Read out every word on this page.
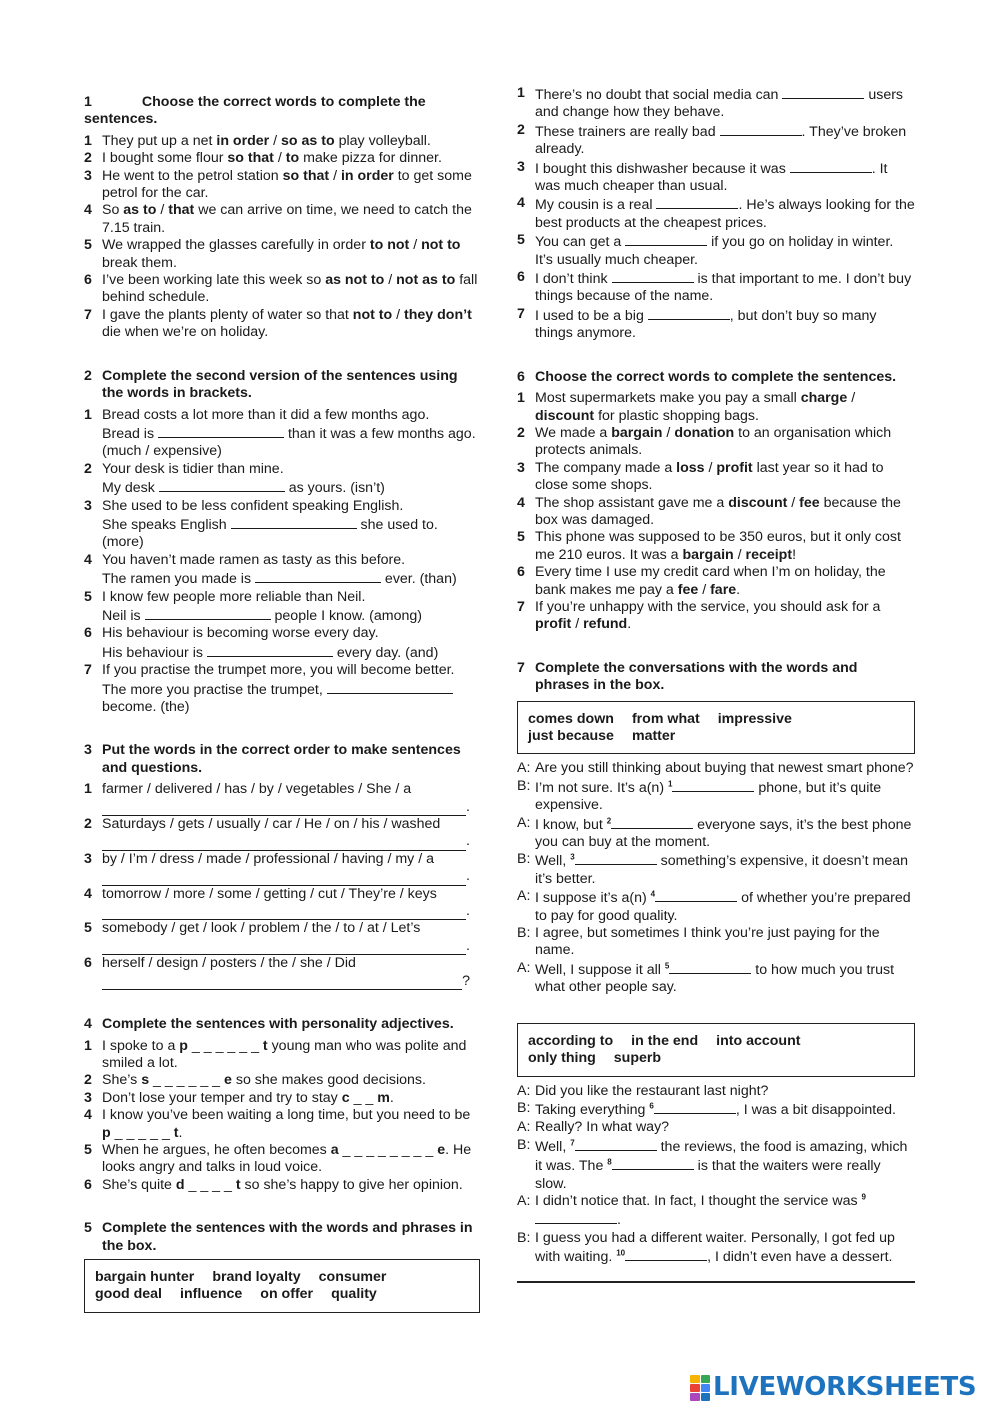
1	Choose the correct words to complete the sentences.
1 They put up a net in order / so as to play volleyball.
2 I bought some flour so that / to make pizza for dinner.
3 He went to the petrol station so that / in order to get some petrol for the car.
4 So as to / that we can arrive on time, we need to catch the 7.15 train.
5 We wrapped the glasses carefully in order to not / not to break them.
6 I’ve been working late this week so as not to / not as to fall behind schedule.
7 I gave the plants plenty of water so that not to / they don’t die when we’re on holiday.
2 Complete the second version of the sentences using the words in brackets.
1 Bread costs a lot more than it did a few months ago.
Bread is	than it was a few months ago. (much / expensive)
2 Your desk is tidier than mine.
My desk	as yours. (isn’t)
3 She used to be less confident speaking English.
She speaks English	she used to. (more)
4 You haven’t made ramen as tasty as this before.
The ramen you made is	ever. (than)
5 I know few people more reliable than Neil.
Neil is	people I know. (among)
6 His behaviour is becoming worse every day.
His behaviour is	every day. (and)
7 If you practise the trumpet more, you will become better.
The more you practise the trumpet,  become. (the)
3 Put the words in the correct order to make sentences and questions.
1 farmer / delivered / has / by / vegetables / She / a
.
2 Saturdays / gets / usually / car / He / on / his / washed
.
3 by / I’m / dress / made / professional / having / my / a
.
4 tomorrow / more / some / getting / cut / They’re / keys
.
5 somebody / get / look / problem / the / to / at / Let’s
.
6 herself / design / posters / the / she / Did
?
4 Complete the sentences with personality adjectives.
1 I spoke to a p _ _ _ _ _ _ t young man who was polite and smiled a lot.
2 She’s s _ _ _ _ _ _ e so she makes good decisions.
3 Don’t lose your temper and try to stay c _ _ m.
4 I know you’ve been waiting a long time, but you need to be p _ _ _ _ _ t.
5 When he argues, he often becomes a _ _ _ _ _ _ _ _ e. He looks angry and talks in loud voice.
6 She’s quite d _ _ _ _ t so she’s happy to give her opinion.
5 Complete the sentences with the words and phrases in the box.
bargain hunter brand loyalty consumergood deal influence on offer quality
1 There’s no doubt that social media can	users and change how they behave.
2 These trainers are really bad	. They’ve broken already.
3 I bought this dishwasher because it was	. It was much cheaper than usual.
4 My cousin is a real	. He’s always looking for the best products at the cheapest prices.
5 You can get a	if you go on holiday in winter. It’s usually much cheaper.
6 I don’t think	is that important to me. I don’t buy things because of the name.
7 I used to be a big	, but don’t buy so many things anymore.
6 Choose the correct words to complete the sentences.
1 Most supermarkets make you pay a small charge / discount for plastic shopping bags.
2 We made a bargain / donation to an organisation which protects animals.
3 The company made a loss / profit last year so it had to close some shops.
4 The shop assistant gave me a discount / fee because the box was damaged.
5 This phone was supposed to be 350 euros, but it only cost me 210 euros. It was a bargain / receipt!
6 Every time I use my credit card when I’m on holiday, the bank makes me pay a fee / fare.
7 If you’re unhappy with the service, you should ask for a profit / refund.
7 Complete the conversations with the words and phrases in the box.
comes down from what impressivejust because matter
A: Are you still thinking about buying that newest smart phone?
B: I’m not sure. It’s a(n) $^1$	phone, but it’s quite expensive.
A: I know, but $^2$	everyone says, it’s the best phone you can buy at the moment.
B: Well, $^3$	something’s expensive, it doesn’t mean it’s better.
A: I suppose it’s a(n) $^4$	of whether you’re prepared to pay for good quality.
B: I agree, but sometimes I think you’re just paying for the name.
A: Well, I suppose it all $^5$	to how much you trust what other people say.
according to in the end into accountonly thing superb
A: Did you like the restaurant last night?
B: Taking everything $^6$	, I was a bit disappointed.
A: Really? In what way?
B: Well, $^7$	the reviews, the food is amazing, which it was. The $^8$	is that the waiters were really slow.
A: I didn’t notice that. In fact, I thought the service was $^9$.
B: I guess you had a different waiter. Personally, I got fed up with waiting. $^{10}$	, I didn’t even have a dessert.
LIVEWORKSHEETS
